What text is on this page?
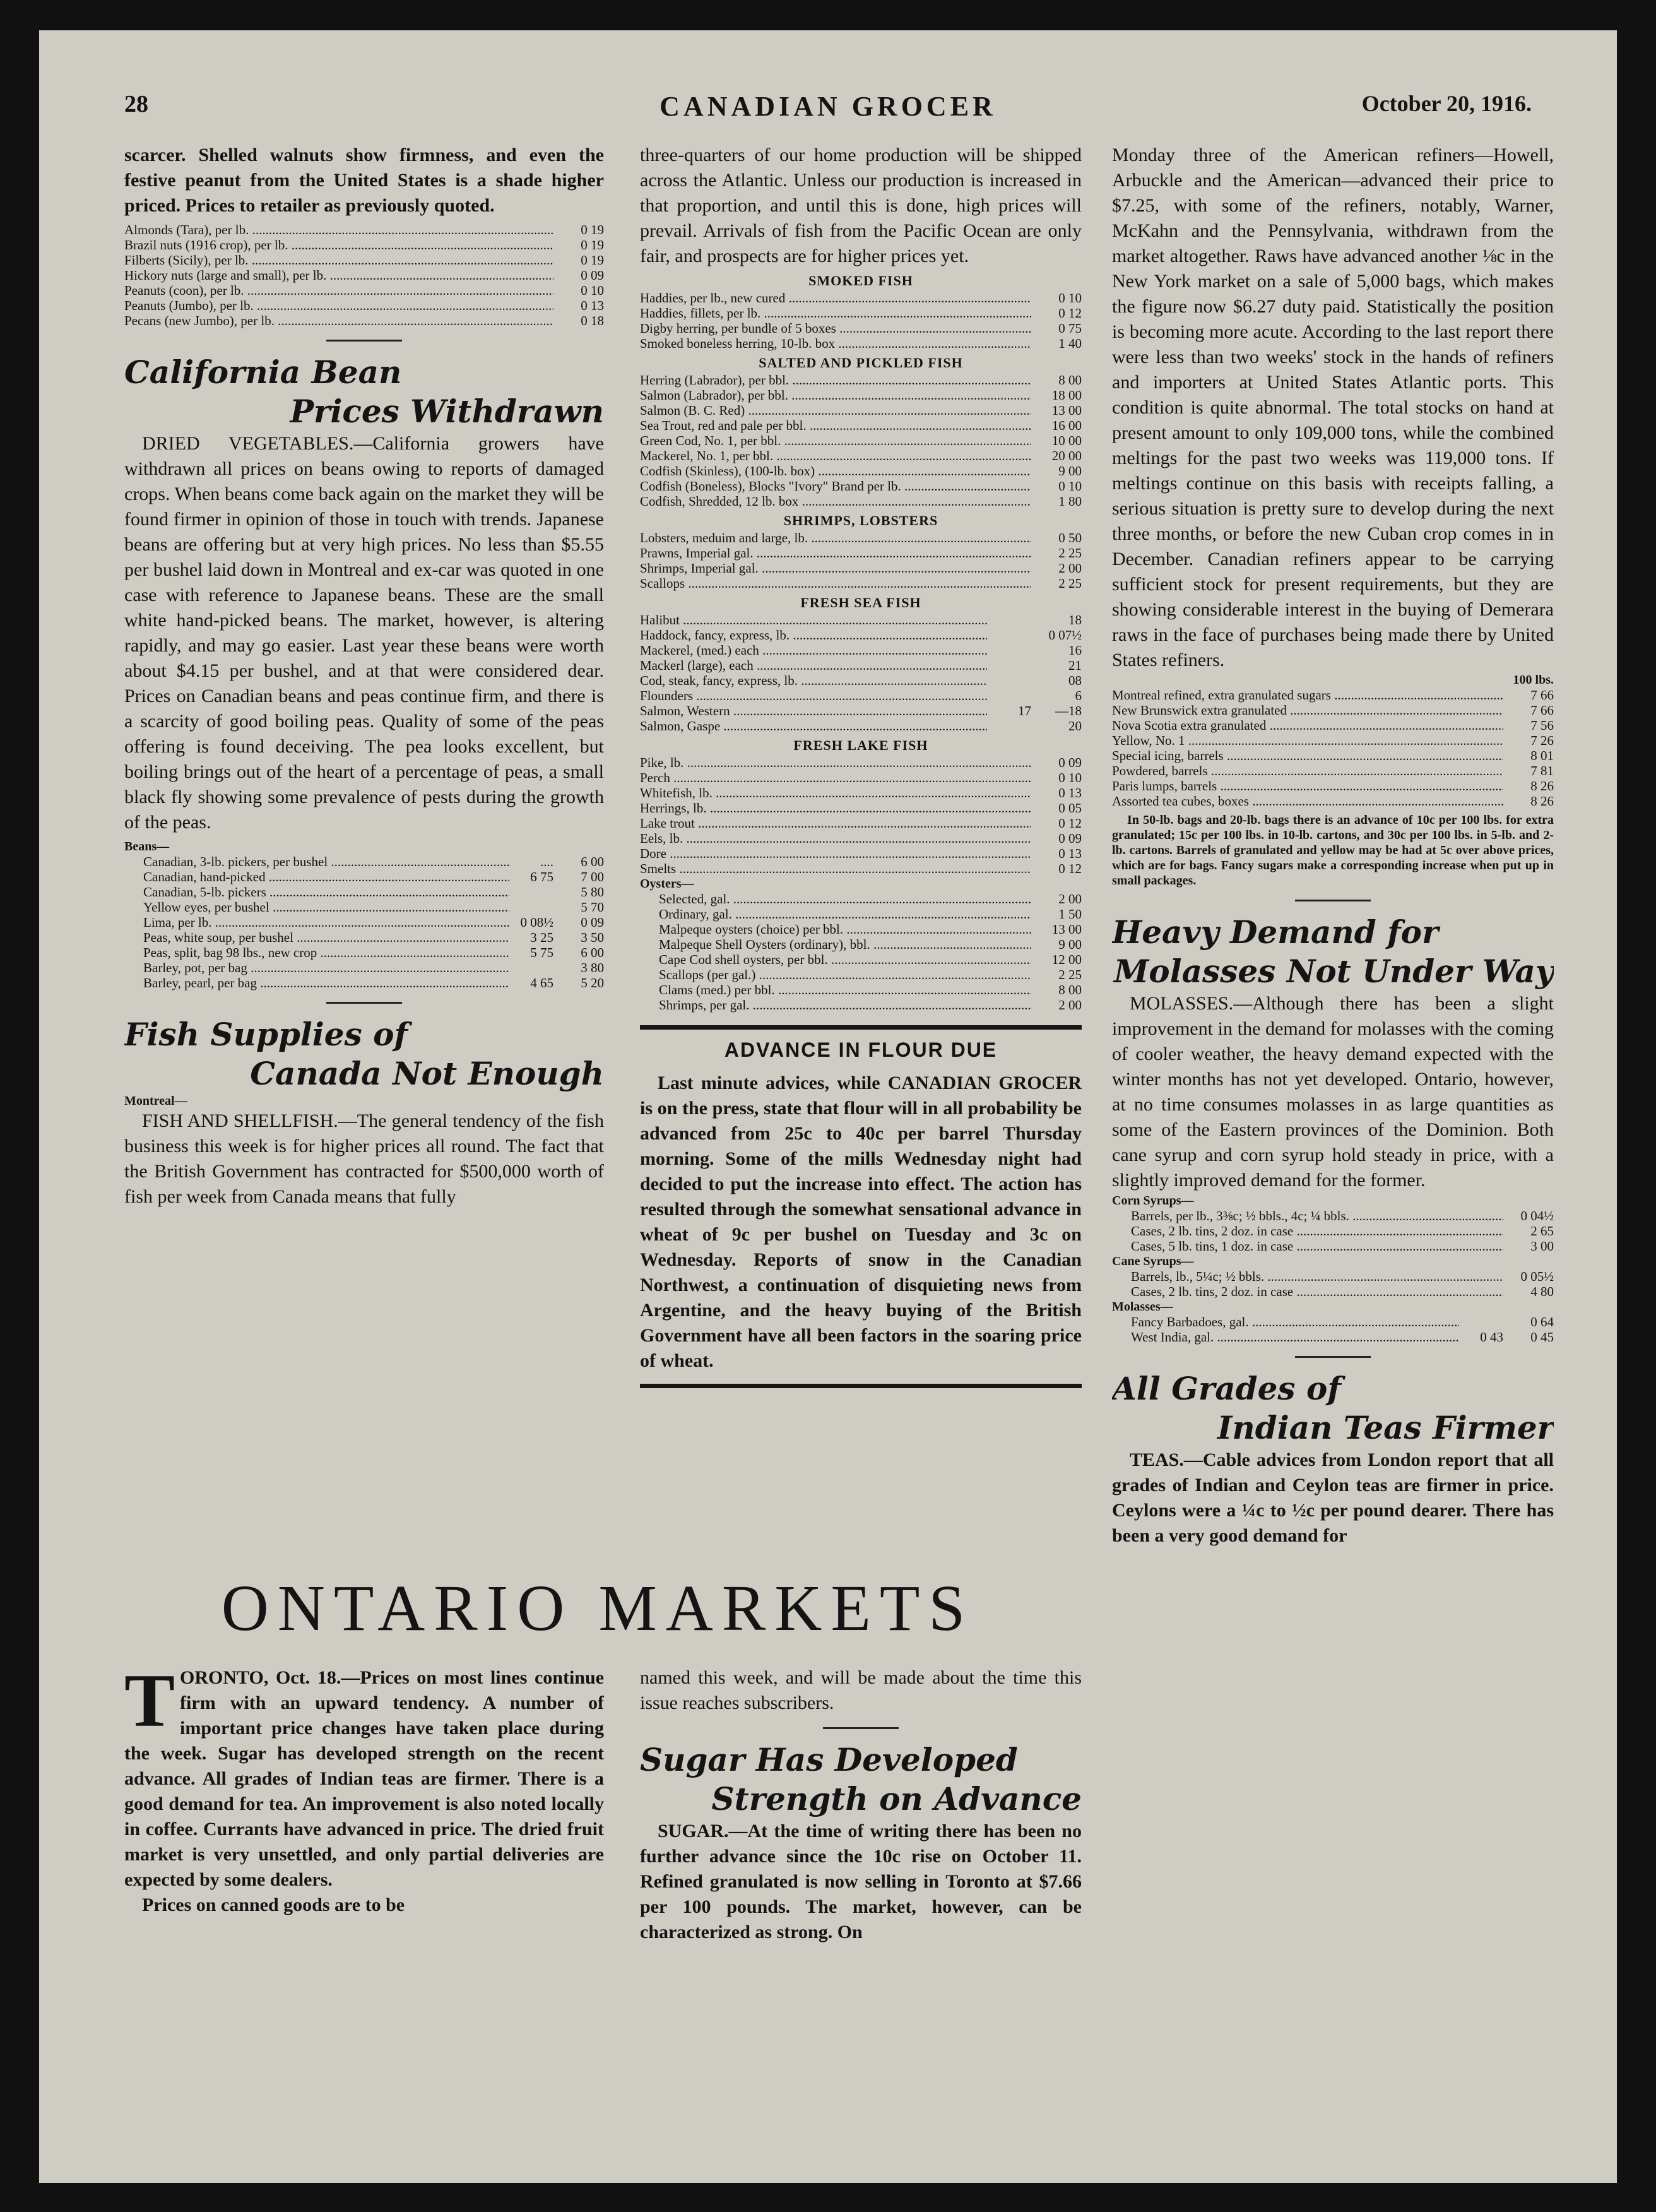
28	CANADIAN GROCER	October 20, 1916.

scarcer. Shelled walnuts show firmness, and even the festive peanut from the United States is a shade higher priced. Prices to retailer as previously quoted.

Almonds (Tara), per lb. .....	0 19
Brazil nuts (1916 crop), per lb. .....	0 19
Filberts (Sicily), per lb. .....	0 19
Hickory nuts (large and small), per lb. .....	0 09
Peanuts (coon), per lb. .....	0 10
Peanuts (Jumbo), per lb. .....	0 13
Pecans (new Jumbo), per lb. .....	0 18
California Bean
Prices Withdrawn

DRIED VEGETABLES.—California growers have withdrawn all prices on beans owing to reports of damaged crops. When beans come back again on the market they will be found firmer in opinion of those in touch with trends. Japanese beans are offering but at very high prices. No less than $5.55 per bushel laid down in Montreal and ex-car was quoted in one case with reference to Japanese beans. These are the small white hand-picked beans. The market, however, is altering rapidly, and may go easier. Last year these beans were worth about $4.15 per bushel, and at that were considered dear. Prices on Canadian beans and peas continue firm, and there is a scarcity of good boiling peas. Quality of some of the peas offering is found deceiving. The pea looks excellent, but boiling brings out of the heart of a percentage of peas, a small black fly showing some prevalence of pests during the growth of the peas.

Beans—
Canadian, 3-lb. pickers, per bushel .....	....	6 00
Canadian, hand-picked .....	6 75	7 00
Canadian, 5-lb. pickers .....	5 80
Yellow eyes, per bushel .....	5 70
Lima, per lb. .....	0 08½	0 09
Peas, white soup, per bushel .....	3 25	3 50
Peas, split, bag 98 lbs., new crop .....	5 75	6 00
Barley, pot, per bag .....	3 80
Barley, pearl, per bag .....	4 65	5 20
Fish Supplies of
Canada Not Enough
Montreal—

FISH AND SHELLFISH.—The general tendency of the fish business this week is for higher prices all round. The fact that the British Government has contracted for $500,000 worth of fish per week from Canada means that fully

three-quarters of our home production will be shipped across the Atlantic. Unless our production is increased in that proportion, and until this is done, high prices will prevail. Arrivals of fish from the Pacific Ocean are only fair, and prospects are for higher prices yet.

SMOKED FISH
Haddies, per lb., new cured .....	0 10
Haddies, fillets, per lb. .....	0 12
Digby herring, per bundle of 5 boxes .....	0 75
Smoked boneless herring, 10-lb. box .....	1 40
SALTED AND PICKLED FISH
Herring (Labrador), per bbl. .....	8 00
Salmon (Labrador), per bbl. .....	18 00
Salmon (B. C. Red) .....	13 00
Sea Trout, red and pale per bbl. .....	16 00
Green Cod, No. 1, per bbl. .....	10 00
Mackerel, No. 1, per bbl. .....	20 00
Codfish (Skinless), (100-lb. box) .....	9 00
Codfish (Boneless), Blocks "Ivory" Brand per lb. .....	0 10
Codfish, Shredded, 12 lb. box .....	1 80
SHRIMPS, LOBSTERS
Lobsters, meduim and large, lb. .....	0 50
Prawns, Imperial gal. .....	2 25
Shrimps, Imperial gal. .....	2 00
Scallops .....	2 25
FRESH SEA FISH
Halibut .....	18
Haddock, fancy, express, lb. .....	0 07½
Mackerel, (med.) each .....	16
Mackerl (large), each .....	21
Cod, steak, fancy, express, lb. .....	08
Flounders .....	6
Salmon, Western .....	17	—18
Salmon, Gaspe .....	20
FRESH LAKE FISH
Pike, lb. .....	0 09
Perch .....	0 10
Whitefish, lb. .....	0 13
Herrings, lb. .....	0 05
Lake trout .....	0 12
Eels, lb. .....	0 09
Dore .....	0 13
Smelts .....	0 12
Oysters—
Selected, gal. .....	2 00
Ordinary, gal. .....	1 50
Malpeque oysters (choice) per bbl. .....	13 00
Malpeque Shell Oysters (ordinary), bbl. .....	9 00
Cape Cod shell oysters, per bbl. .....	12 00
Scallops (per gal.) .....	2 25
Clams (med.) per bbl. .....	8 00
Shrimps, per gal. .....	2 00
ADVANCE IN FLOUR DUE

Last minute advices, while CANADIAN GROCER is on the press, state that flour will in all probability be advanced from 25c to 40c per barrel Thursday morning. Some of the mills Wednesday night had decided to put the increase into effect. The action has resulted through the somewhat sensational advance in wheat of 9c per bushel on Tuesday and 3c on Wednesday. Reports of snow in the Canadian Northwest, a continuation of disquieting news from Argentine, and the heavy buying of the British Government have all been factors in the soaring price of wheat.

Monday three of the American refiners—Howell, Arbuckle and the American—advanced their price to $7.25, with some of the refiners, notably, Warner, McKahn and the Pennsylvania, withdrawn from the market altogether. Raws have advanced another ⅛c in the New York market on a sale of 5,000 bags, which makes the figure now $6.27 duty paid. Statistically the position is becoming more acute. According to the last report there were less than two weeks' stock in the hands of refiners and importers at United States Atlantic ports. This condition is quite abnormal. The total stocks on hand at present amount to only 109,000 tons, while the combined meltings for the past two weeks was 119,000 tons. If meltings continue on this basis with receipts falling, a serious situation is pretty sure to develop during the next three months, or before the new Cuban crop comes in in December. Canadian refiners appear to be carrying sufficient stock for present requirements, but they are showing considerable interest in the buying of Demerara raws in the face of purchases being made there by United States refiners.

100 lbs.
Montreal refined, extra granulated sugars .....	7 66
New Brunswick extra granulated .....	7 66
Nova Scotia extra granulated .....	7 56
Yellow, No. 1 .....	7 26
Special icing, barrels .....	8 01
Powdered, barrels .....	7 81
Paris lumps, barrels .....	8 26
Assorted tea cubes, boxes .....	8 26

In 50-lb. bags and 20-lb. bags there is an advance of 10c per 100 lbs. for extra granulated; 15c per 100 lbs. in 10-lb. cartons, and 30c per 100 lbs. in 5-lb. and 2-lb. cartons. Barrels of granulated and yellow may be had at 5c over above prices, which are for bags. Fancy sugars make a corresponding increase when put up in small packages.

Heavy Demand for
Molasses Not Under Way

MOLASSES.—Although there has been a slight improvement in the demand for molasses with the coming of cooler weather, the heavy demand expected with the winter months has not yet developed. Ontario, however, at no time consumes molasses in as large quantities as some of the Eastern provinces of the Dominion. Both cane syrup and corn syrup hold steady in price, with a slightly improved demand for the former.

Corn Syrups—
Barrels, per lb., 3⅜c; ½ bbls., 4c; ¼ bbls. .....	0 04½
Cases, 2 lb. tins, 2 doz. in case .....	2 65
Cases, 5 lb. tins, 1 doz. in case .....	3 00
Cane Syrups—
Barrels, lb., 5¼c; ½ bbls. .....	0 05½
Cases, 2 lb. tins, 2 doz. in case .....	4 80
Molasses—
Fancy Barbadoes, gal. .....	0 64
West India, gal. .....	0 43	0 45
All Grades of
Indian Teas Firmer

TEAS.—Cable advices from London report that all grades of Indian and Ceylon teas are firmer in price. Ceylons were a ¼c to ½c per pound dearer. There has been a very good demand for

ONTARIO MARKETS

TORONTO, Oct. 18.—Prices on most lines continue firm with an upward tendency. A number of important price changes have taken place during the week. Sugar has developed strength on the recent advance. All grades of Indian teas are firmer. There is a good demand for tea. An improvement is also noted locally in coffee. Currants have advanced in price. The dried fruit market is very unsettled, and only partial deliveries are expected by some dealers.

Prices on canned goods are to be

named this week, and will be made about the time this issue reaches subscribers.

Sugar Has Developed
Strength on Advance

SUGAR.—At the time of writing there has been no further advance since the 10c rise on October 11. Refined granulated is now selling in Toronto at $7.66 per 100 pounds. The market, however, can be characterized as strong. On
